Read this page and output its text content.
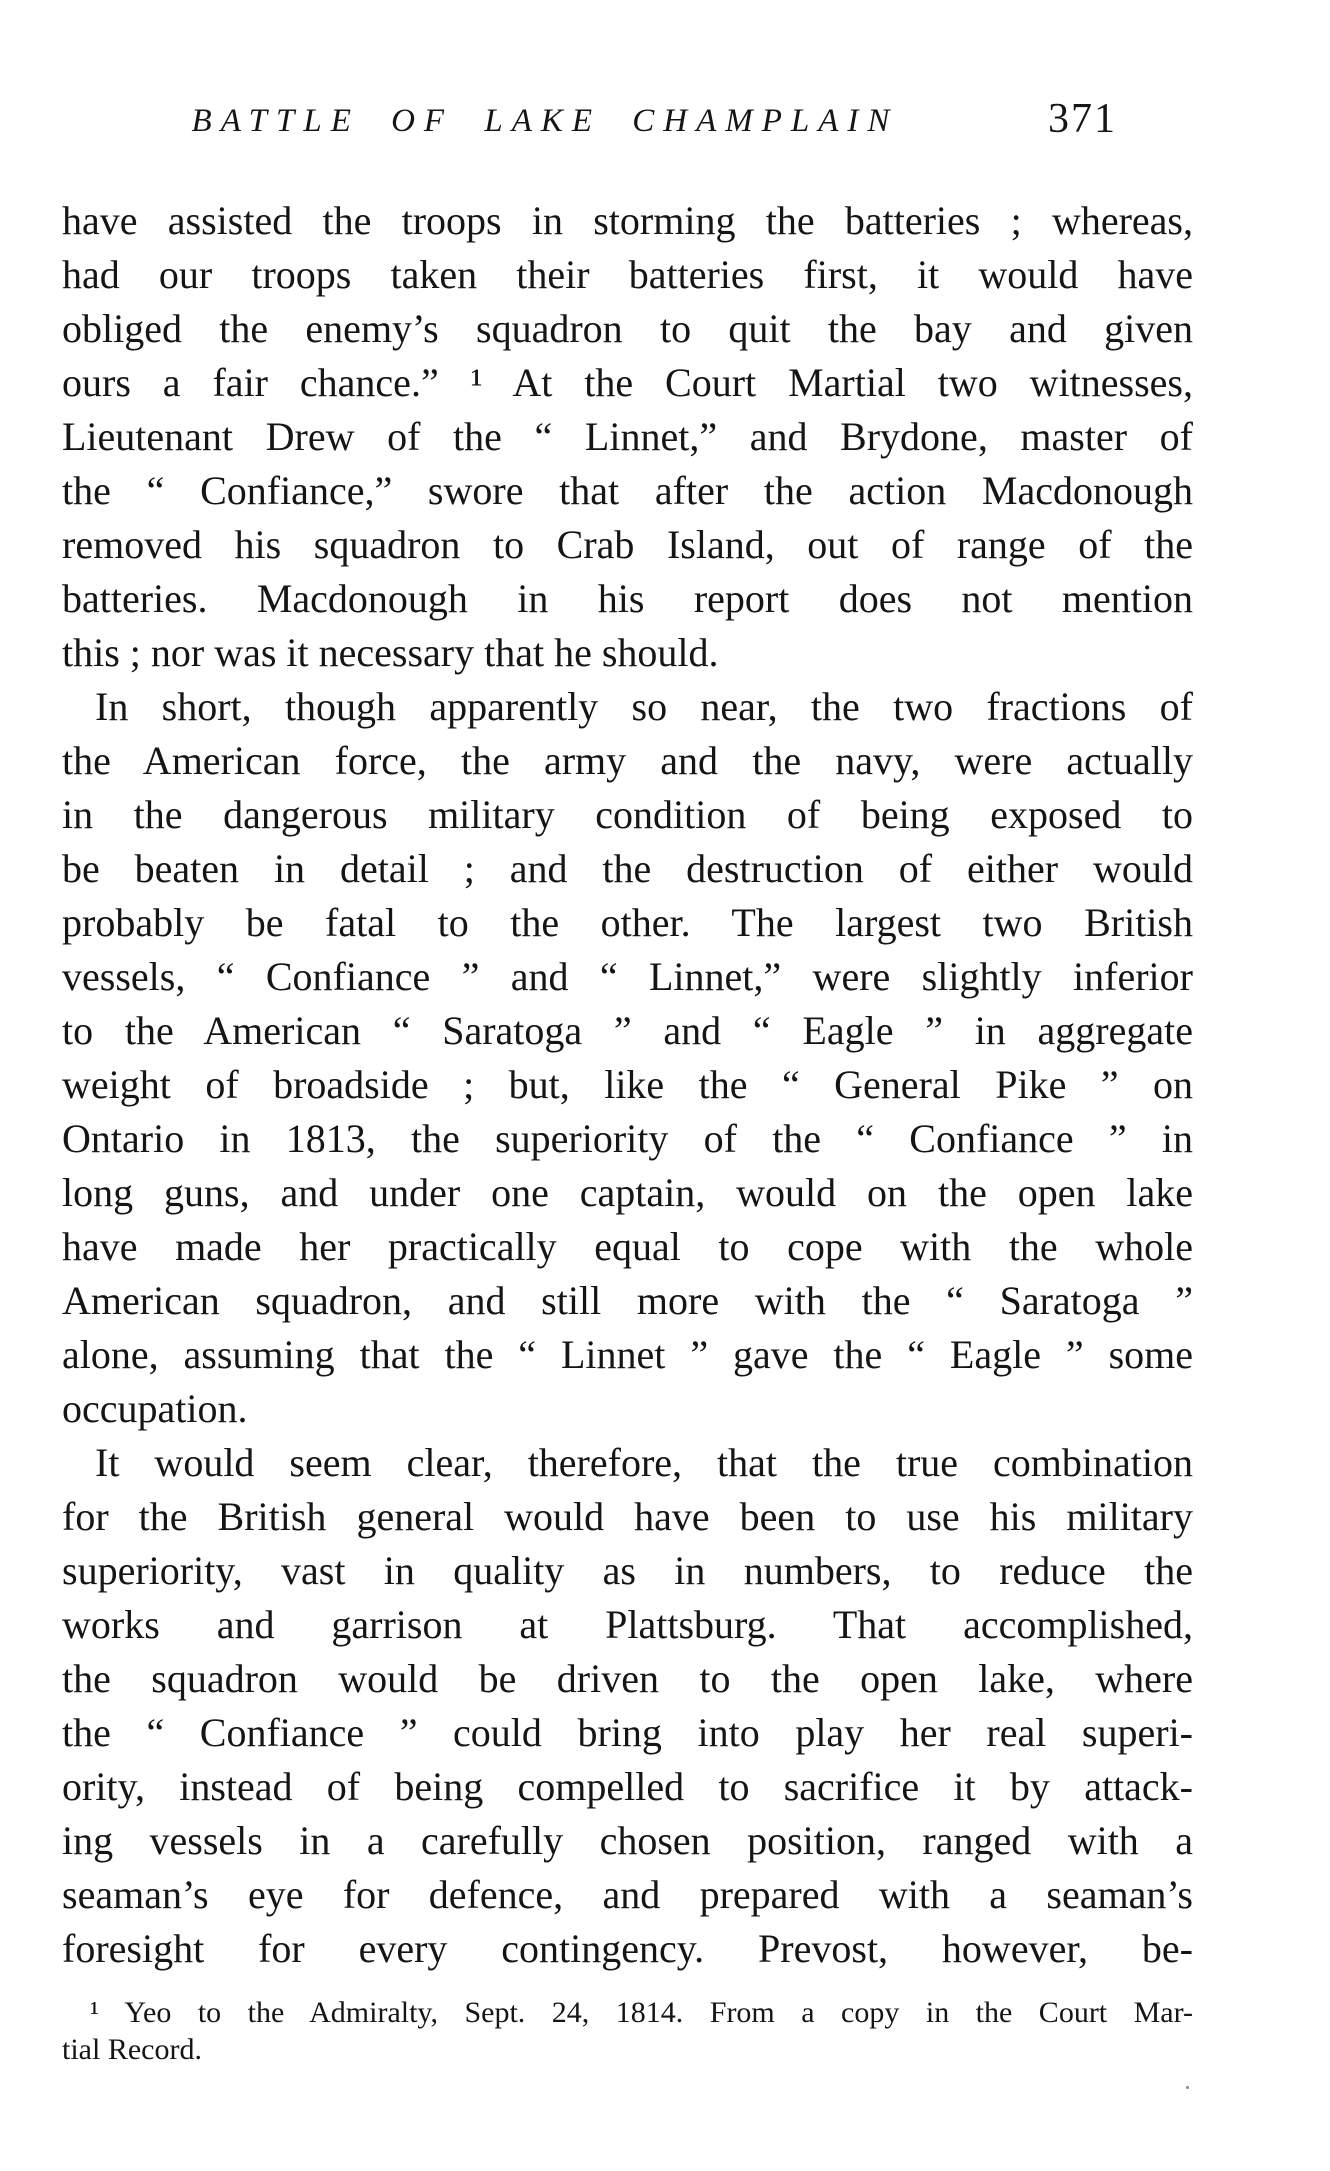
BATTLE OF LAKE CHAMPLAIN	371
have assisted the troops in storming the batteries ; whereas,
had our troops taken their batteries first, it would have
obliged the enemy’s squadron to quit the bay and given
ours a fair chance.” ¹ At the Court Martial two witnesses,
Lieutenant Drew of the “ Linnet,” and Brydone, master of
the “ Confiance,” swore that after the action Macdonough
removed his squadron to Crab Island, out of range of the
batteries. Macdonough in his report does not mention
this ; nor was it necessary that he should.
In short, though apparently so near, the two fractions of
the American force, the army and the navy, were actually
in the dangerous military condition of being exposed to
be beaten in detail ; and the destruction of either would
probably be fatal to the other. The largest two British
vessels, “ Confiance ” and “ Linnet,” were slightly inferior
to the American “ Saratoga ” and “ Eagle ” in aggregate
weight of broadside ; but, like the “ General Pike ” on
Ontario in 1813, the superiority of the “ Confiance ” in
long guns, and under one captain, would on the open lake
have made her practically equal to cope with the whole
American squadron, and still more with the “ Saratoga ”
alone, assuming that the “ Linnet ” gave the “ Eagle ” some
occupation.
It would seem clear, therefore, that the true combination
for the British general would have been to use his military
superiority, vast in quality as in numbers, to reduce the
works and garrison at Plattsburg. That accomplished,
the squadron would be driven to the open lake, where
the “ Confiance ” could bring into play her real superi-
ority, instead of being compelled to sacrifice it by attack-
ing vessels in a carefully chosen position, ranged with a
seaman’s eye for defence, and prepared with a seaman’s
foresight for every contingency. Prevost, however, be-
¹ Yeo to the Admiralty, Sept. 24, 1814. From a copy in the Court Mar-
tial Record.
